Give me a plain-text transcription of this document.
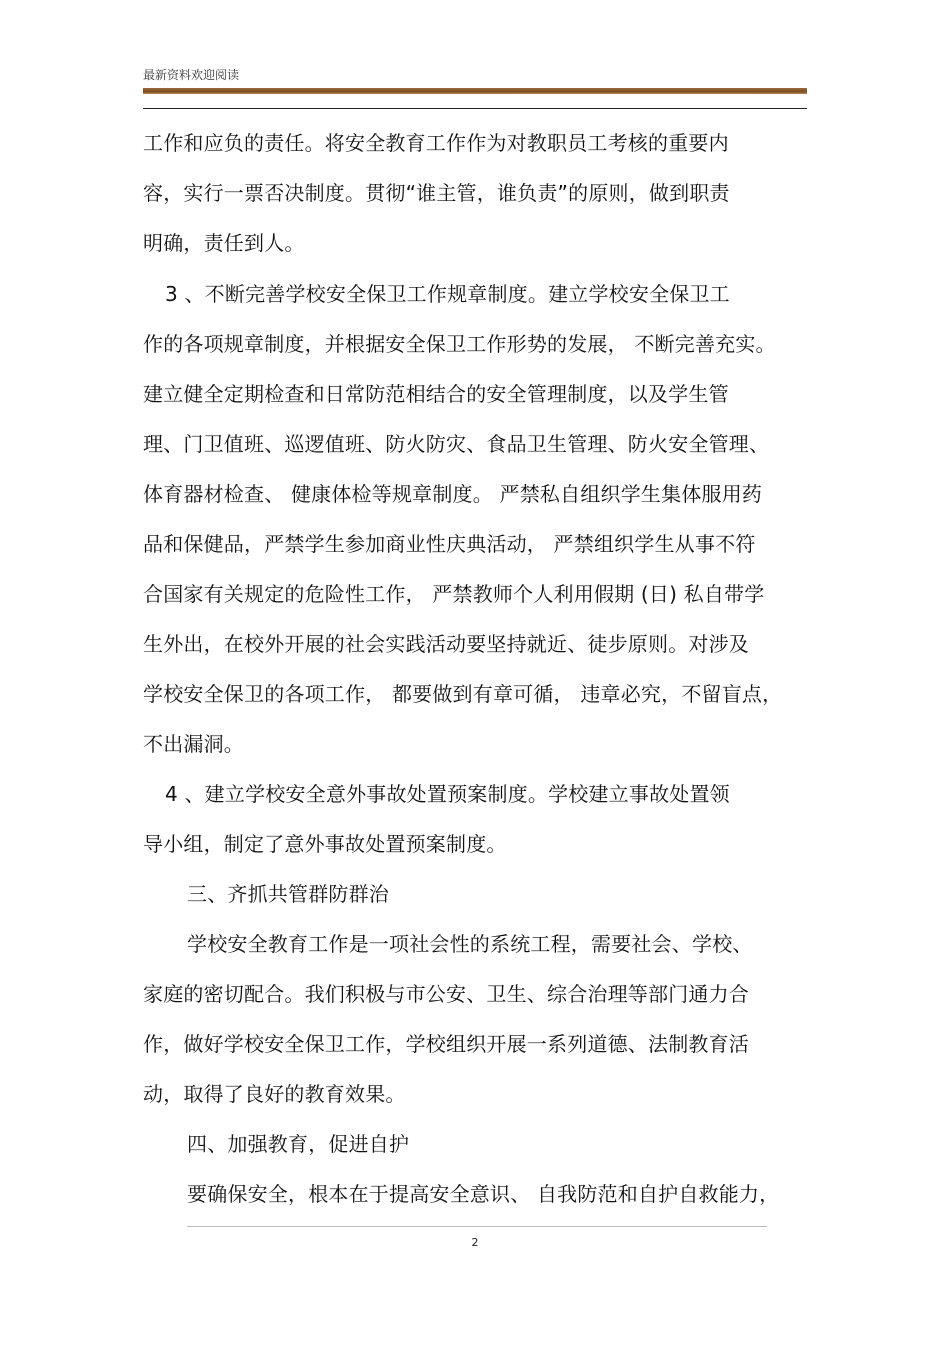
最新资料欢迎阅读
工作和应负的责任。将安全教育工作作为对教职员工考核的重要内
容，实行一票否决制度。贯彻“谁主管，谁负责”的原则，做到职责
明确，责任到人。
3 、不断完善学校安全保卫工作规章制度。建立学校安全保卫工
作的各项规章制度，并根据安全保卫工作形势的发展， 不断完善充实。
建立健全定期检查和日常防范相结合的安全管理制度，以及学生管
理、门卫值班、巡逻值班、防火防灾、食品卫生管理、防火安全管理、
体育器材检查、 健康体检等规章制度。 严禁私自组织学生集体服用药
品和保健品，严禁学生参加商业性庆典活动， 严禁组织学生从事不符
合国家有关规定的危险性工作， 严禁教师个人利用假期 (日) 私自带学
生外出，在校外开展的社会实践活动要坚持就近、徒步原则。对涉及
学校安全保卫的各项工作， 都要做到有章可循， 违章必究，不留盲点，
不出漏洞。
4 、建立学校安全意外事故处置预案制度。学校建立事故处置领
导小组，制定了意外事故处置预案制度。
三、齐抓共管群防群治
学校安全教育工作是一项社会性的系统工程，需要社会、学校、
家庭的密切配合。我们积极与市公安、卫生、综合治理等部门通力合
作，做好学校安全保卫工作，学校组织开展一系列道德、法制教育活
动，取得了良好的教育效果。
四、加强教育，促进自护
要确保安全，根本在于提高安全意识、 自我防范和自护自救能力，
2
